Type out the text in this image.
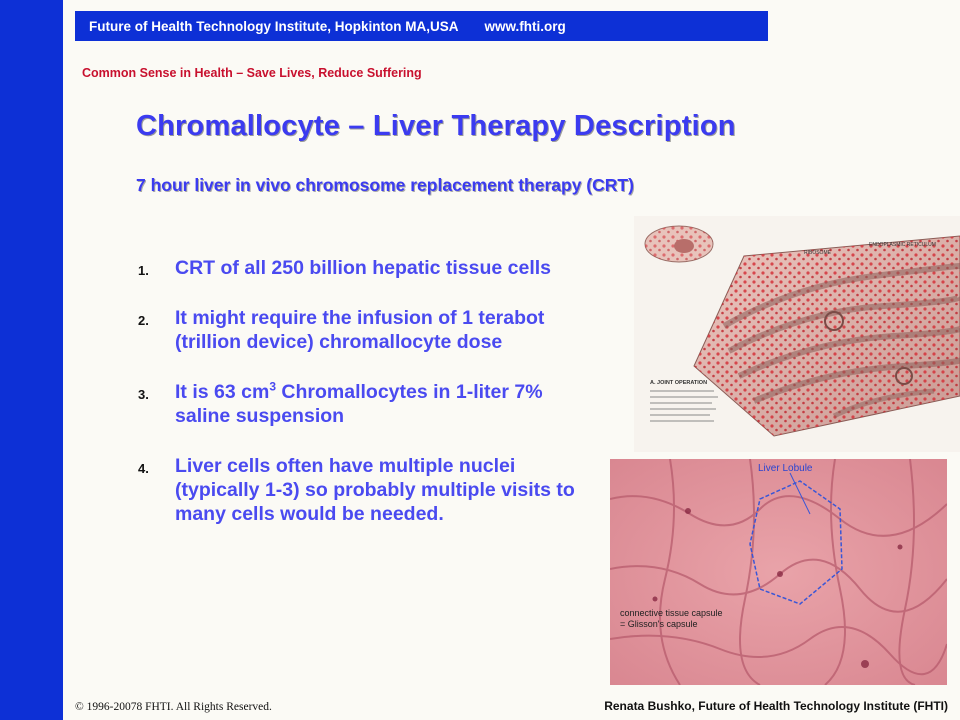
Future of Health Technology Institute, Hopkinton MA,USA www.fhti.org
Common Sense in Health – Save Lives, Reduce Suffering
Chromallocyte – Liver Therapy Description
7 hour liver in vivo chromosome replacement therapy (CRT)
1. CRT of all 250 billion hepatic tissue cells
2. It might require the infusion of 1 terabot (trillion device) chromallocyte dose
3. It is 63 $cm^3$ Chromallocytes in 1-liter 7% saline suspension
4. Liver cells often have multiple nuclei (typically 1-3) so probably multiple visits to many cells would be needed.
RIBOSOME
ENDOPLASMIC RETICULUM
A. JOINT OPERATION
Liver Lobule
connective tissue capsule
= Glisson's capsule
© 1996-20078 FHTI. All Rights Reserved.	Renata Bushko, Future of Health Technology Institute (FHTI)
